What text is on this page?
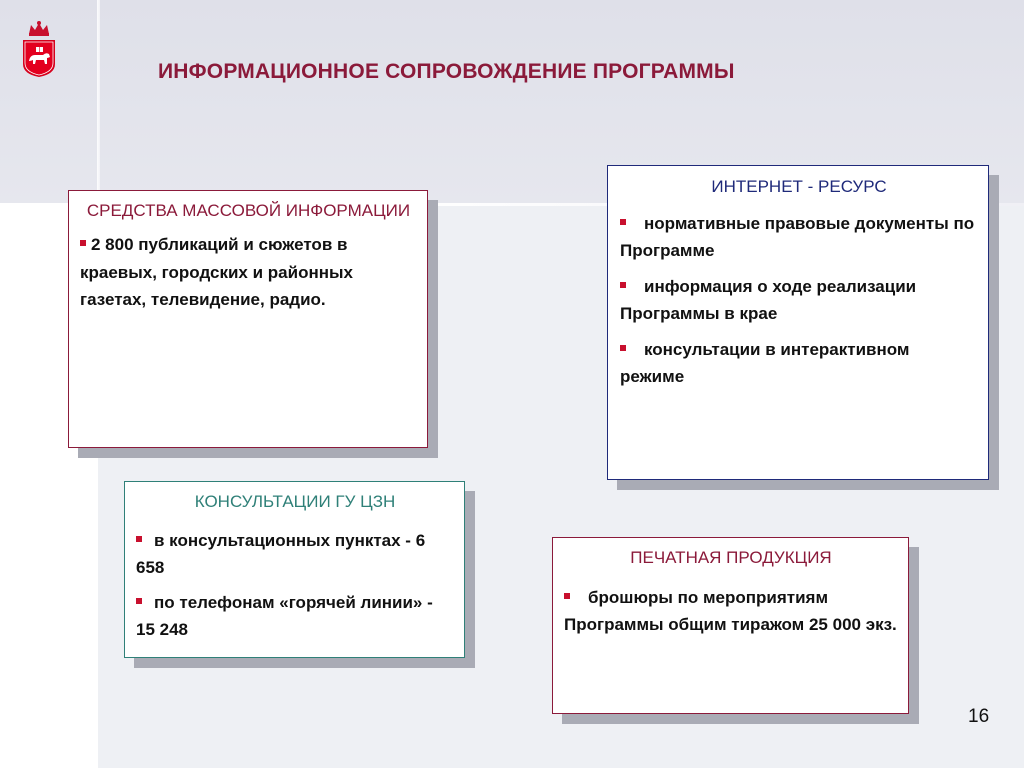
ИНФОРМАЦИОННОЕ СОПРОВОЖДЕНИЕ ПРОГРАММЫ
СРЕДСТВА МАССОВОЙ ИНФОРМАЦИИ
2 800 публикаций и сюжетов в краевых, городских и районных газетах, телевидение, радио.
ИНТЕРНЕТ - РЕСУРС
нормативные правовые документы по Программе
информация о ходе реализации Программы в крае
консультации в интерактивном режиме
КОНСУЛЬТАЦИИ ГУ ЦЗН
в консультационных пунктах - 6 658
по телефонам «горячей линии» - 15 248
ПЕЧАТНАЯ ПРОДУКЦИЯ
брошюры по мероприятиям Программы общим тиражом 25 000 экз.
16
